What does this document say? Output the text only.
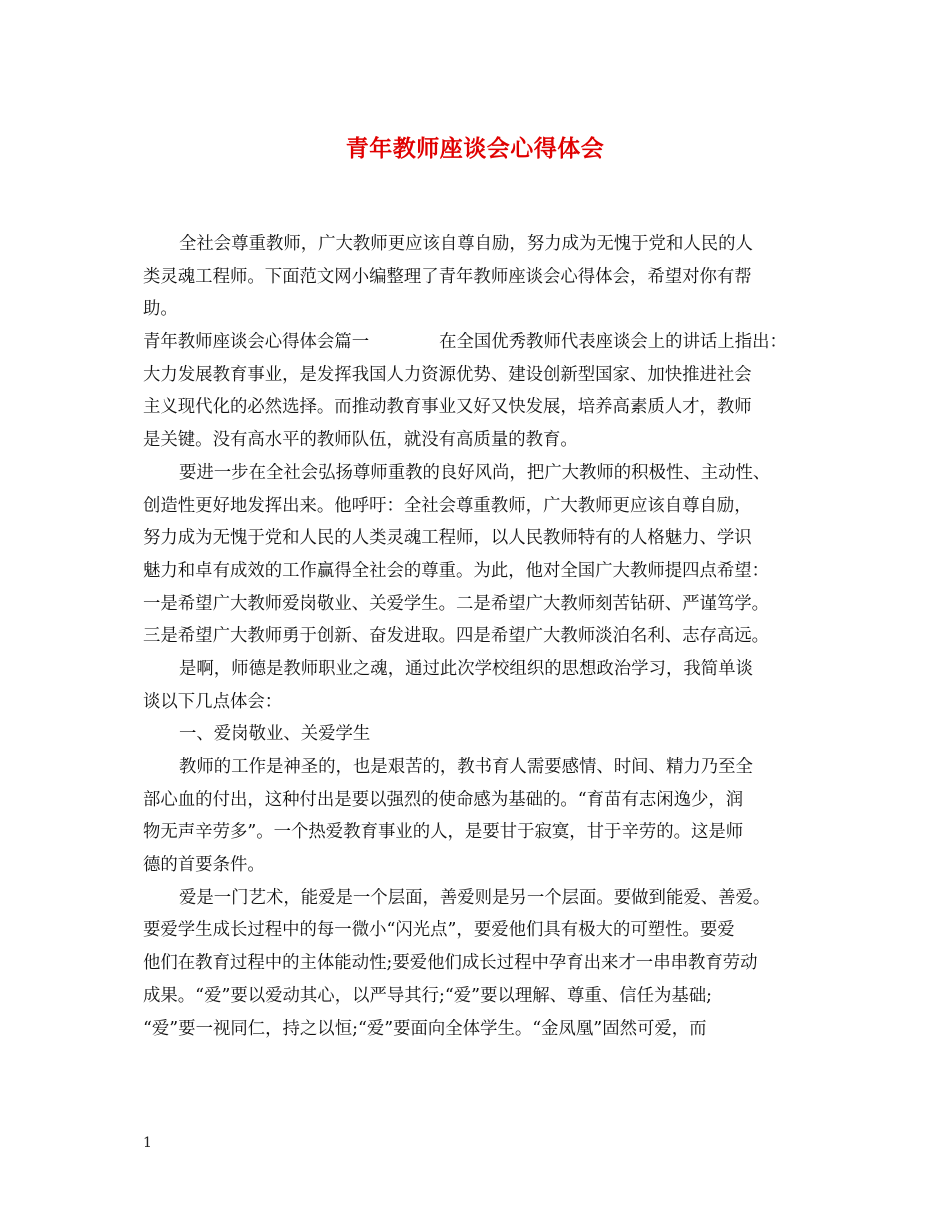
青年教师座谈会心得体会
全社会尊重教师，广大教师更应该自尊自励，努力成为无愧于党和人民的人
类灵魂工程师。下面范文网小编整理了青年教师座谈会心得体会，希望对你有帮
助。
青年教师座谈会心得体会篇一	在全国优秀教师代表座谈会上的讲话上指出：
大力发展教育事业，是发挥我国人力资源优势、建设创新型国家、加快推进社会
主义现代化的必然选择。而推动教育事业又好又快发展，培养高素质人才，教师
是关键。没有高水平的教师队伍，就没有高质量的教育。
要进一步在全社会弘扬尊师重教的良好风尚，把广大教师的积极性、主动性、
创造性更好地发挥出来。他呼吁：全社会尊重教师，广大教师更应该自尊自励，
努力成为无愧于党和人民的人类灵魂工程师，以人民教师特有的人格魅力、学识
魅力和卓有成效的工作赢得全社会的尊重。为此，他对全国广大教师提四点希望：
一是希望广大教师爱岗敬业、关爱学生。二是希望广大教师刻苦钻研、严谨笃学。
三是希望广大教师勇于创新、奋发进取。四是希望广大教师淡泊名利、志存高远。
是啊，师德是教师职业之魂，通过此次学校组织的思想政治学习，我简单谈
谈以下几点体会：
一、爱岗敬业、关爱学生
教师的工作是神圣的，也是艰苦的，教书育人需要感情、时间、精力乃至全
部心血的付出，这种付出是要以强烈的使命感为基础的。“育苗有志闲逸少，润
物无声辛劳多”。一个热爱教育事业的人，是要甘于寂寞，甘于辛劳的。这是师
德的首要条件。
爱是一门艺术，能爱是一个层面，善爱则是另一个层面。要做到能爱、善爱。
要爱学生成长过程中的每一微小“闪光点”，要爱他们具有极大的可塑性。要爱
他们在教育过程中的主体能动性;要爱他们成长过程中孕育出来才一串串教育劳动
成果。“爱”要以爱动其心，以严导其行;“爱”要以理解、尊重、信任为基础;
“爱”要一视同仁，持之以恒;“爱”要面向全体学生。“金凤凰”固然可爱，而
1
